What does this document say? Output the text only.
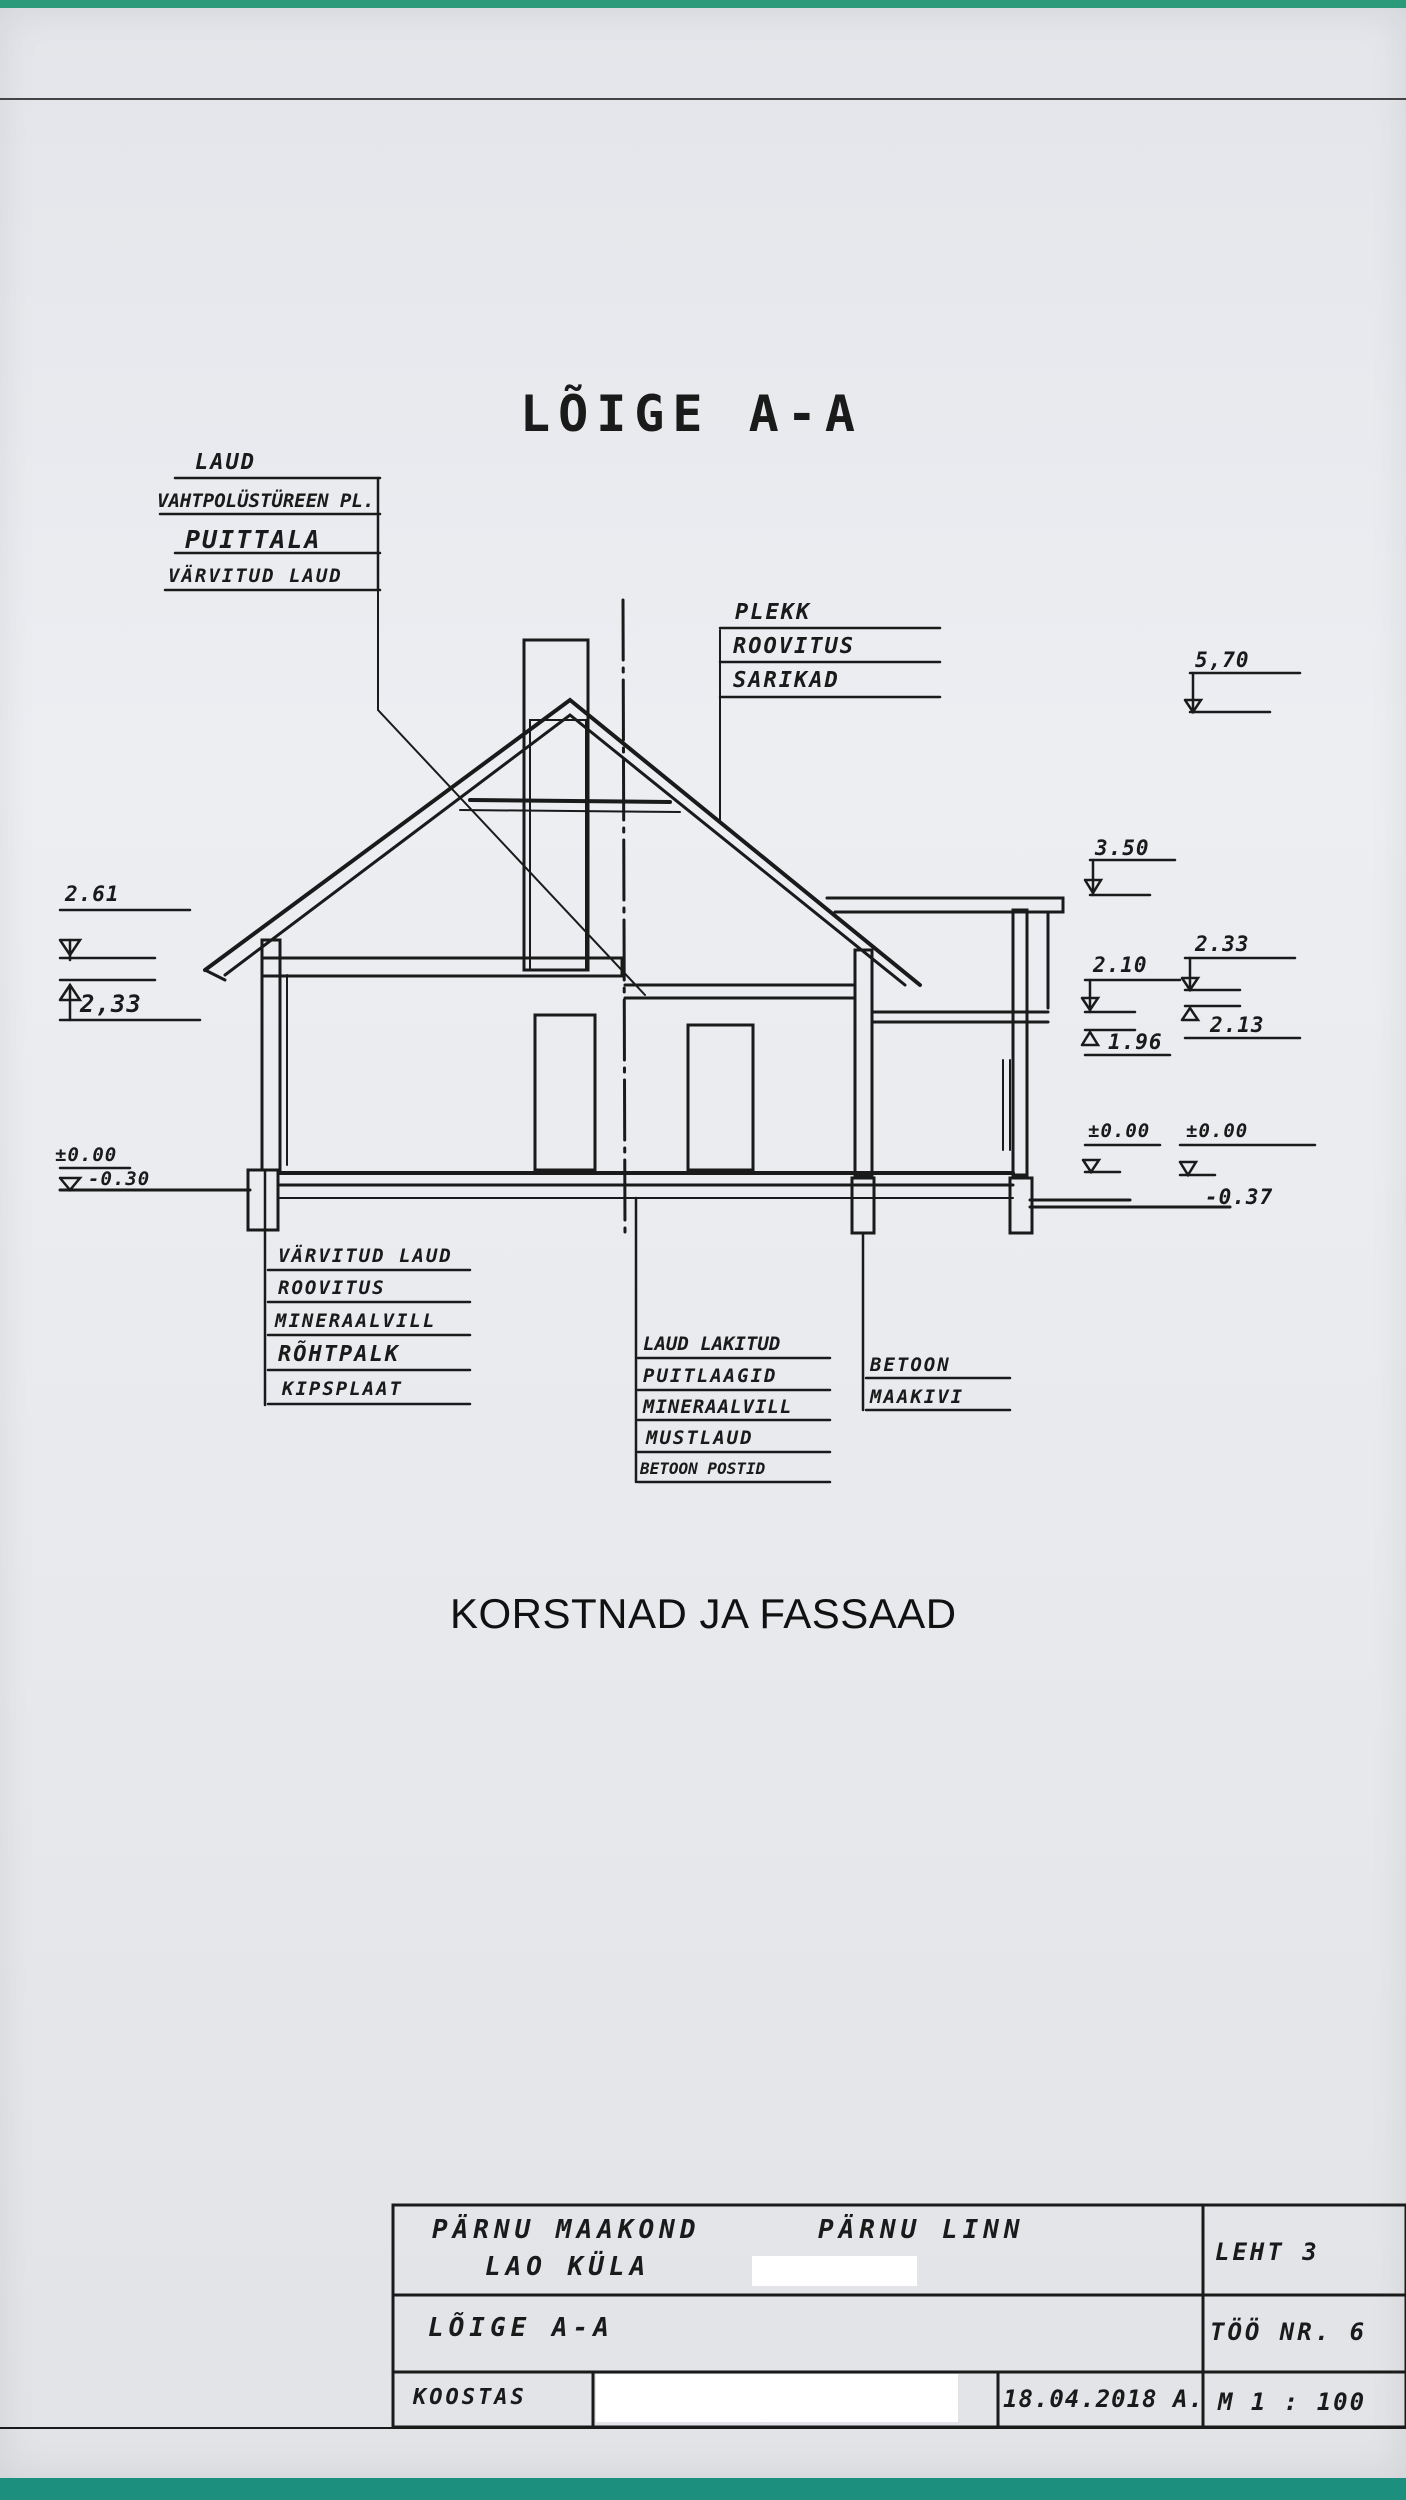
LÕIGE A-A
LAUD
VAHTPOLÜSTÜREEN PL.
PUITTALA
VÄRVITUD LAUD
PLEKK
ROOVITUS
SARIKAD
VÄRVITUD LAUD
ROOVITUS
MINERAALVILL
RÕHTPALK
KIPSPLAAT
LAUD LAKITUD
PUITLAAGID
MINERAALVILL
MUSTLAUD
BETOON POSTID
BETOON
MAAKIVI
5,70
2.61
2,33
±0.00
-0.30
3.50
2.10
1.96
2.33
2.13
±0.00 ±0.00
-0.37
KORSTNAD JA FASSAAD
PÄRNU MAAKOND	PÄRNU LINN
LAO KÜLA
LÕIGE A-A
KOOSTAS	18.04.2018 A.
LEHT 3
TÖÖ NR. 6
M 1 : 100
